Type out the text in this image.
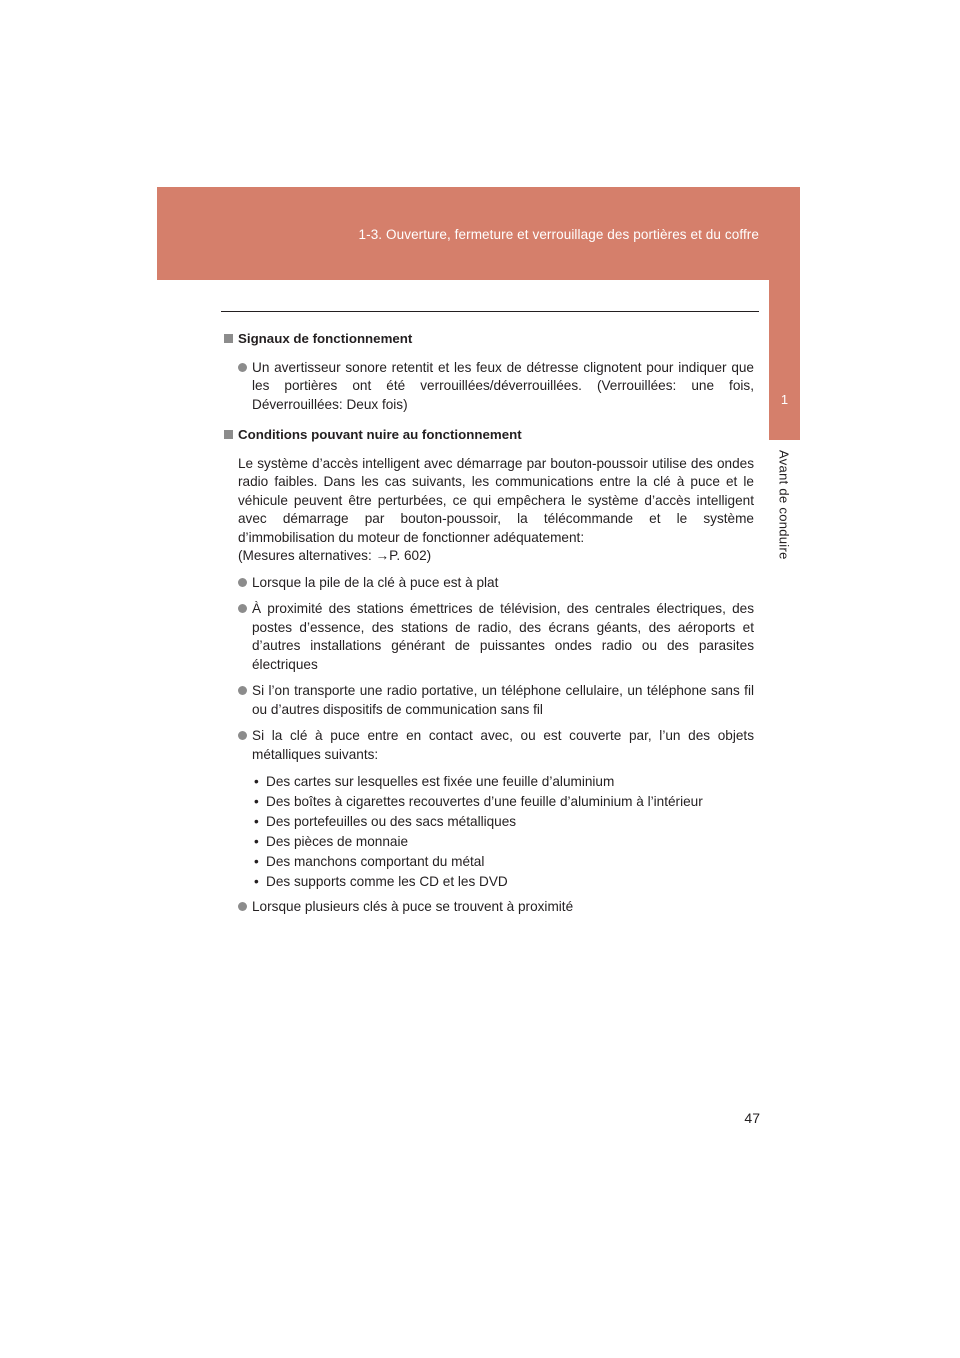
1-3. Ouverture, fermeture et verrouillage des portières et du coffre
1
Avant de conduire
Signaux de fonctionnement
Un avertisseur sonore retentit et les feux de détresse clignotent pour indiquer que les portières ont été verrouillées/déverrouillées. (Verrouillées: une fois, Déverrouillées: Deux fois)
Conditions pouvant nuire au fonctionnement
Le système d’accès intelligent avec démarrage par bouton-poussoir utilise des ondes radio faibles. Dans les cas suivants, les communications entre la clé à puce et le véhicule peuvent être perturbées, ce qui empêchera le système d’accès intelligent avec démarrage par bouton-poussoir, la télécommande et le système d’immobilisation du moteur de fonctionner adéquatement:
(Mesures alternatives: →P. 602)
Lorsque la pile de la clé à puce est à plat
À proximité des stations émettrices de télévision, des centrales électriques, des postes d’essence, des stations de radio, des écrans géants, des aéroports et d’autres installations générant de puissantes ondes radio ou des parasites électriques
Si l’on transporte une radio portative, un téléphone cellulaire, un téléphone sans fil ou d’autres dispositifs de communication sans fil
Si la clé à puce entre en contact avec, ou est couverte par, l’un des objets métalliques suivants:
• Des cartes sur lesquelles est fixée une feuille d’aluminium
• Des boîtes à cigarettes recouvertes d’une feuille d’aluminium à l’intérieur
• Des portefeuilles ou des sacs métalliques
• Des pièces de monnaie
• Des manchons comportant du métal
• Des supports comme les CD et les DVD
Lorsque plusieurs clés à puce se trouvent à proximité
47
